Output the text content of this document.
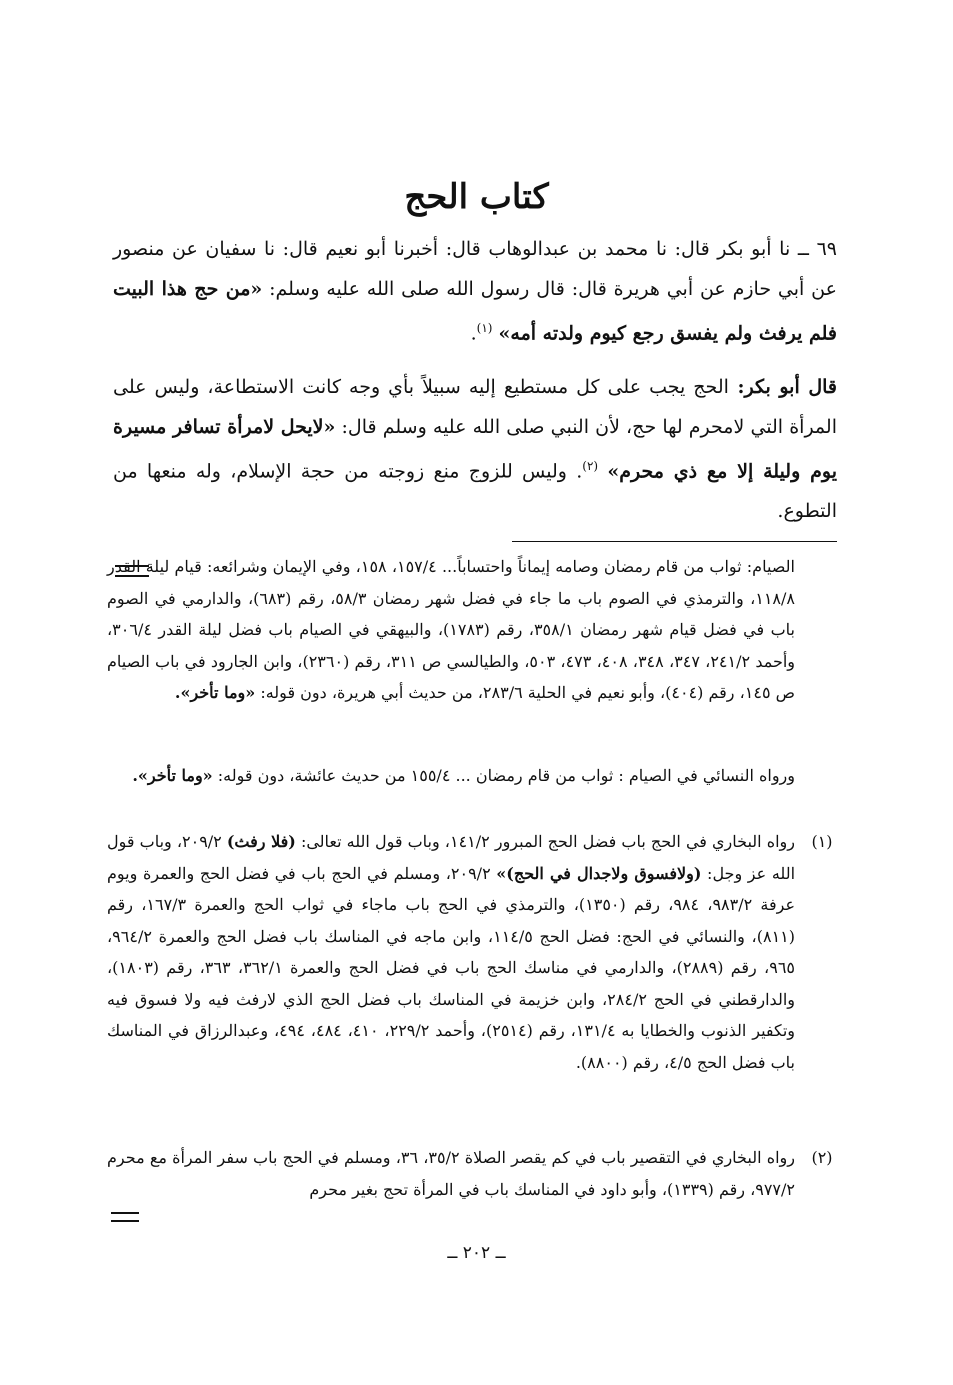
كتاب الحج

٦٩ ــ نا أبو بكر قال: نا محمد بن عبدالوهاب قال: أخبرنا أبو نعيم قال: نا سفيان عن منصور عن أبي حازم عن أبي هريرة قال: قال رسول الله صلى الله عليه وسلم: «من حج هذا البيت فلم يرفث ولم يفسق رجع كيوم ولدته أمه» $^{(١)}$.

قال أبو بكر: الحج يجب على كل مستطيع إليه سبيلاً بأي وجه كانت الاستطاعة، وليس على المرأة التي لامحرم لها حج، لأن النبي صلى الله عليه وسلم قال: «لايحل لامرأة تسافر مسيرة يوم وليلة إلا مع ذي محرم» $^{(٢)}$. وليس للزوج منع زوجته من حجة الإسلام، وله منعها من التطوع.

الصيام: ثواب من قام رمضان وصامه إيماناً واحتساباً... ١٥٧/٤، ١٥٨، وفي الإيمان وشرائعه: قيام ليلة القدر ١١٨/٨، والترمذي في الصوم باب ما جاء في فضل شهر رمضان ٥٨/٣، رقم (٦٨٣)، والدارمي في الصوم باب في فضل قيام شهر رمضان ٣٥٨/١، رقم (١٧٨٣)، والبيهقي في الصيام باب فضل ليلة القدر ٣٠٦/٤، وأحمد ٢٤١/٢، ٣٤٧، ٣٤٨، ٤٠٨، ٤٧٣، ٥٠٣، والطيالسي ص ٣١١، رقم (٢٣٦٠)، وابن الجارود في باب الصيام ص ١٤٥، رقم (٤٠٤)، وأبو نعيم في الحلية ٢٨٣/٦، من حديث أبي هريرة، دون قوله: «وما تأخر».

ورواه النسائي في الصيام : ثواب من قام رمضان ... ١٥٥/٤ من حديث عائشة، دون قوله: «وما تأخر».

(١)

رواه البخاري في الحج باب فضل الحج المبرور ١٤١/٢، وباب قول الله تعالى: (فلا رفث) ٢٠٩/٢، وباب قول الله عز وجل: (ولافسوق ولاجدال في الحج)» ٢٠٩/٢، ومسلم في الحج باب في فضل الحج والعمرة ويوم عرفة ٩٨٣/٢، ٩٨٤، رقم (١٣٥٠)، والترمذي في الحج باب ماجاء في ثواب الحج والعمرة ١٦٧/٣، رقم (٨١١)، والنسائي في الحج: فضل الحج ١١٤/٥، وابن ماجه في المناسك باب فضل الحج والعمرة ٩٦٤/٢، ٩٦٥، رقم (٢٨٨٩)، والدارمي في مناسك الحج باب في فضل الحج والعمرة ٣٦٢/١، ٣٦٣، رقم (١٨٠٣)، والدارقطني في الحج ٢٨٤/٢، وابن خزيمة في المناسك باب فضل الحج الذي لارفث فيه ولا فسوق فيه وتكفير الذنوب والخطايا به ١٣١/٤، رقم (٢٥١٤)، وأحمد ٢٢٩/٢، ٤١٠، ٤٨٤، ٤٩٤، وعبدالرزاق في المناسك باب فضل الحج ٤/٥، رقم (٨٨٠٠).

(٢)

رواه البخاري في التقصير باب في كم يقصر الصلاة ٣٥/٢، ٣٦، ومسلم في الحج باب سفر المرأة مع محرم ٩٧٧/٢، رقم (١٣٣٩)، وأبو داود في المناسك باب في المرأة تحج بغير محرم

ــ ٢٠٢ ــ
